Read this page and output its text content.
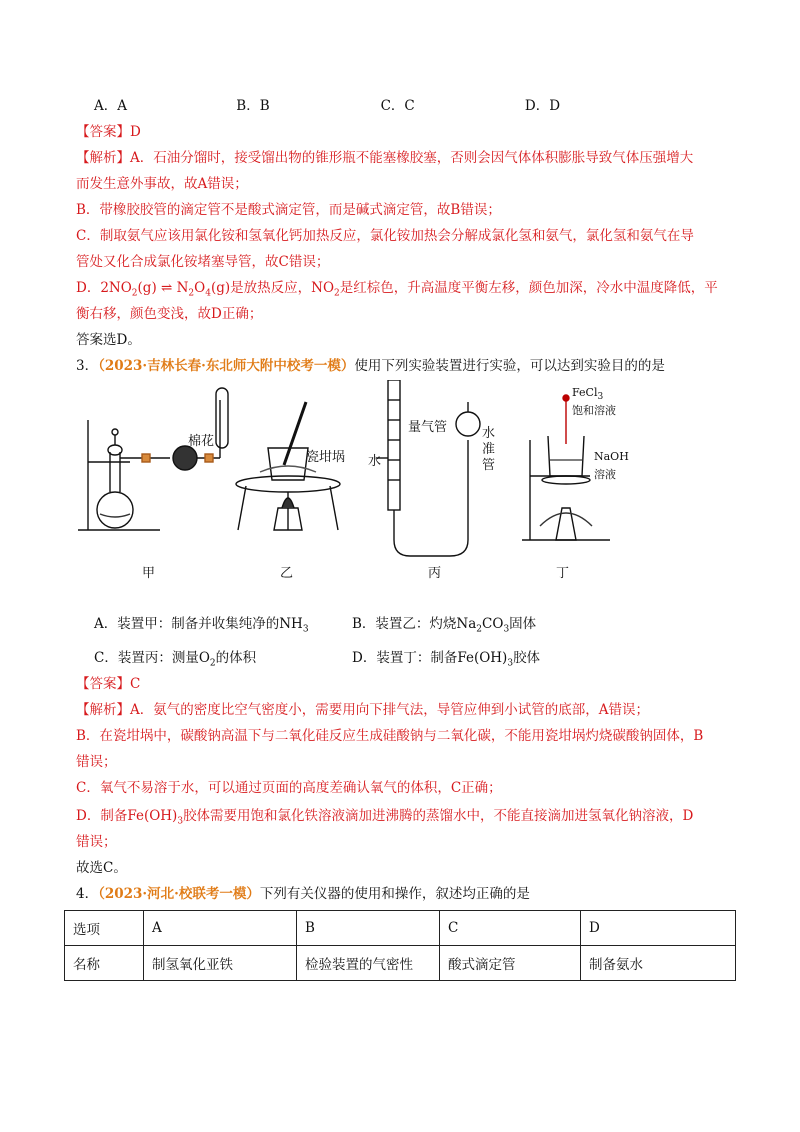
A．A	B．B	C．C	D．D
【答案】D
【解析】A．石油分馏时，接受馏出物的锥形瓶不能塞橡胶塞，否则会因气体体积膨胀导致气体压强增大
而发生意外事故，故A错误；
B．带橡胶胶管的滴定管不是酸式滴定管，而是碱式滴定管，故B错误；
C．制取氨气应该用氯化铵和氢氧化钙加热反应，氯化铵加热会分解成氯化氢和氨气，氯化氢和氨气在导
管处又化合成氯化铵堵塞导管，故C错误；
D．$2NO_2(g)$ ⇌ $N_2O_4(g)$是放热反应，$NO_2$是红棕色，升高温度平衡左移，颜色加深，冷水中温度降低，平
衡右移，颜色变浅，故D正确；
答案选D。
3．（2023·吉林长春·东北师大附中校考一模）使用下列实验装置进行实验，可以达到实验目的的是
棉花
瓷坩埚
量气管
水
水 准 管
FeCl$_3$
饱和溶液
NaOH
溶液
甲	乙	丙	丁
A．装置甲：制备并收集纯净的$NH_3$	B．装置乙：灼烧$Na_2CO_3$固体
C．装置丙：测量$O_2$的体积	D．装置丁：制备$Fe(OH)_3$胶体
【答案】C
【解析】A．氨气的密度比空气密度小，需要用向下排气法，导管应伸到小试管的底部，A错误；
B．在瓷坩埚中，碳酸钠高温下与二氧化硅反应生成硅酸钠与二氧化碳，不能用瓷坩埚灼烧碳酸钠固体，B
错误；
C．氧气不易溶于水，可以通过页面的高度差确认氧气的体积，C正确；
D．制备$Fe(OH)_3$胶体需要用饱和氯化铁溶液滴加进沸腾的蒸馏水中，不能直接滴加进氢氧化钠溶液，D
错误；
故选C。
4．（2023·河北·校联考一模）下列有关仪器的使用和操作，叙述均正确的是
选项	A	B	C	D
名称	制氢氧化亚铁	检验装置的气密性	酸式滴定管	制备氨水
